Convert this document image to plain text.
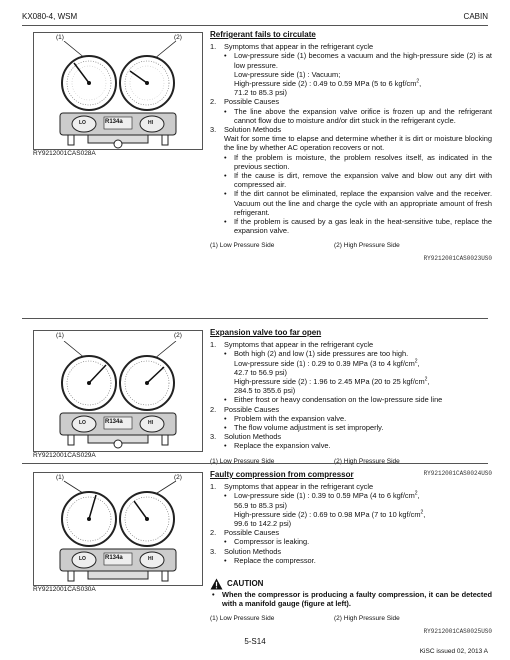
KX080-4, WSM	CABIN
(1)	(2)
R134a
LO	HI
RY9212001CAS028A
(1)	(2)
R134a
LO	HI
RY9212001CAS029A
(1)	(2)
R134a
LO	HI
RY9212001CAS030A
Refrigerant fails to circulate
1.	Symptoms that appear in the refrigerant cycle
•	Low-pressure side (1) becomes a vacuum and the high-pressure side (2) is at low pressure.
Low-pressure side (1) : Vacuum;
High-pressure side (2) : 0.49 to 0.59 MPa (5 to 6 kgf/$cm^2$,
71.2 to 85.3 psi)
2.	Possible Causes
•	The line above the expansion valve orifice is frozen up and the refrigerant cannot flow due to moisture and/or dirt stuck in the refrigerant cycle.
3.	Solution Methods
Wait for some time to elapse and determine whether it is dirt or moisture blocking the line by whether AC operation recovers or not.
•	If the problem is moisture, the problem resolves itself, as indicated in the previous section.
•	If the cause is dirt, remove the expansion valve and blow out any dirt with compressed air.
•	If the dirt cannot be eliminated, replace the expansion valve and the receiver. Vacuum out the line and charge the cycle with an appropriate amount of fresh refrigerant.
•	If the problem is caused by a gas leak in the heat-sensitive tube, replace the expansion valve.
(1) Low Pressure Side	(2) High Pressure Side
RY9212001CAS0023US0
Expansion valve too far open
1.	Symptoms that appear in the refrigerant cycle
•	Both high (2) and low (1) side pressures are too high.
Low-pressure side (1) : 0.29 to 0.39 MPa (3 to 4 kgf/$cm^2$,
42.7 to 56.9 psi)
High-pressure side (2) : 1.96 to 2.45 MPa (20 to 25 kgf/$cm^2$,
284.5 to 355.6 psi)
•	Either frost or heavy condensation on the low-pressure side line
2.	Possible Causes
•	Problem with the expansion valve.
•	The flow volume adjustment is set improperly.
3.	Solution Methods
•	Replace the expansion valve.
(1) Low Pressure Side	(2) High Pressure Side
RY9212001CAS0024US0
Faulty compression from compressor
1.	Symptoms that appear in the refrigerant cycle
•	Low-pressure side (1) : 0.39 to 0.59 MPa (4 to 6 kgf/$cm^2$,
56.9 to 85.3 psi)
High-pressure side (2) : 0.69 to 0.98 MPa (7 to 10 kgf/$cm^2$,
99.6 to 142.2 psi)
2.	Possible Causes
•	Compressor is leaking.
3.	Solution Methods
•	Replace the compressor.
CAUTION
•	When the compressor is producing a faulty compression, it can be detected with a manifold gauge (figure at left).
(1) Low Pressure Side	(2) High Pressure Side
RY9212001CAS0025US0
5-S14
KiSC issued 02, 2013 A
